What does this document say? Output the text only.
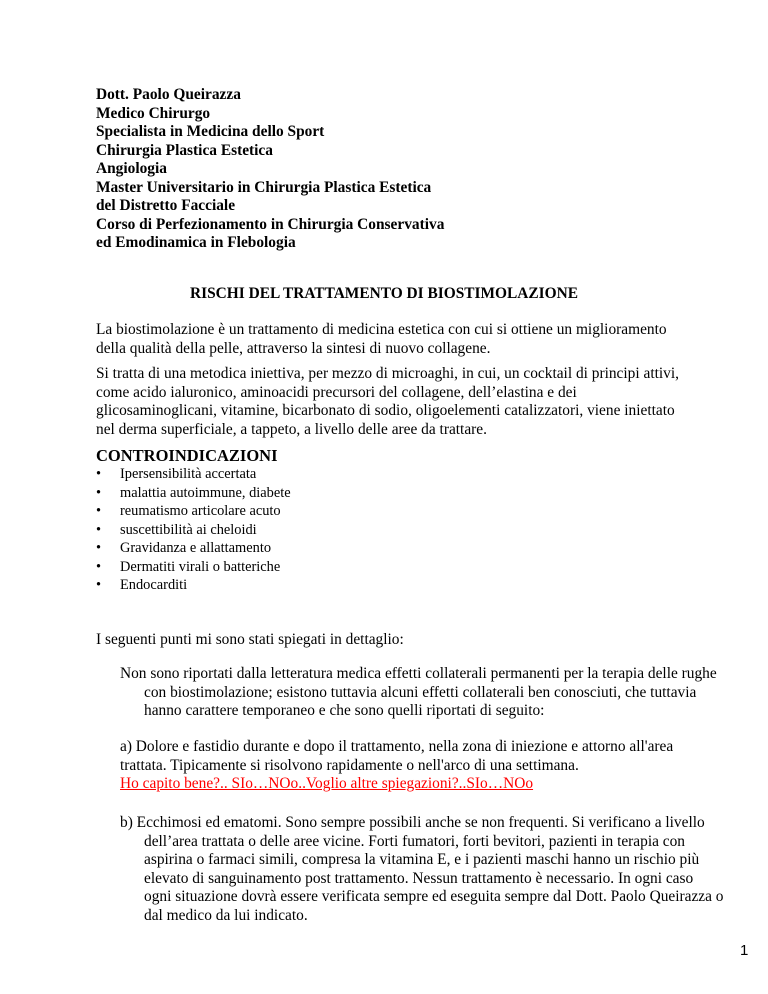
Dott. Paolo Queirazza
Medico Chirurgo
Specialista in Medicina dello Sport
Chirurgia Plastica Estetica
Angiologia
Master Universitario in Chirurgia Plastica Estetica
del Distretto Facciale
Corso di Perfezionamento in Chirurgia Conservativa
ed Emodinamica in Flebologia
RISCHI DEL TRATTAMENTO DI BIOSTIMOLAZIONE
La biostimolazione è un trattamento di medicina estetica con cui si ottiene un miglioramento della qualità della pelle, attraverso la sintesi di nuovo collagene.
Si tratta di una metodica iniettiva, per mezzo di microaghi, in cui, un cocktail di principi attivi, come acido ialuronico, aminoacidi precursori del collagene, dell’elastina e dei glicosaminoglicani, vitamine, bicarbonato di sodio, oligoelementi catalizzatori, viene iniettato nel derma superficiale, a tappeto, a livello delle aree da trattare.
CONTROINDICAZIONI
• Ipersensibilità accertata
• malattia autoimmune, diabete
• reumatismo articolare acuto
• suscettibilità ai cheloidi
• Gravidanza e allattamento
• Dermatiti virali o batteriche
• Endocarditi
I seguenti punti mi sono stati spiegati in dettaglio:
Non sono riportati dalla letteratura medica effetti collaterali permanenti per la terapia delle rughe con biostimolazione; esistono tuttavia alcuni effetti collaterali ben conosciuti, che tuttavia hanno carattere temporaneo e che sono quelli riportati di seguito:
a) Dolore e fastidio durante e dopo il trattamento, nella zona di iniezione e attorno all'area trattata. Tipicamente si risolvono rapidamente o nell'arco di una settimana.
Ho capito bene?.. SIo…NOo..Voglio altre spiegazioni?..SIo…NOo
b) Ecchimosi ed ematomi. Sono sempre possibili anche se non frequenti. Si verificano a livello dell’area trattata o delle aree vicine. Forti fumatori, forti bevitori, pazienti in terapia con aspirina o farmaci simili, compresa la vitamina E, e i pazienti maschi hanno un rischio più elevato di sanguinamento post trattamento. Nessun trattamento è necessario. In ogni caso ogni situazione dovrà essere verificata sempre ed eseguita sempre dal Dott. Paolo Queirazza o dal medico da lui indicato.
1
